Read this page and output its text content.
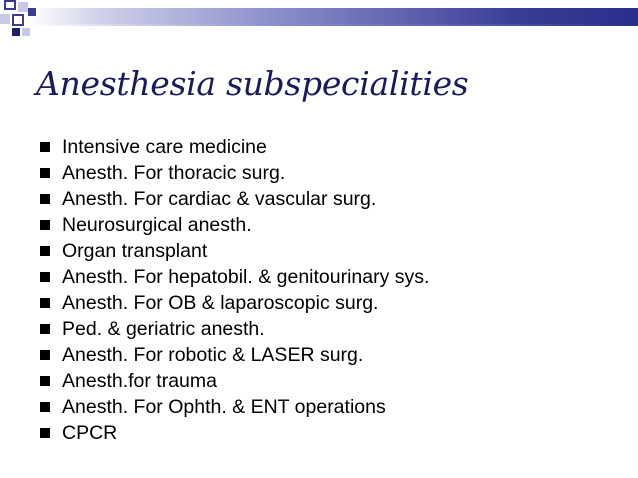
Anesthesia subspecialities
Intensive care medicine
Anesth. For thoracic surg.
Anesth. For cardiac & vascular surg.
Neurosurgical anesth.
Organ transplant
Anesth. For hepatobil. & genitourinary sys.
Anesth. For OB & laparoscopic surg.
Ped. & geriatric anesth.
Anesth. For robotic & LASER surg.
Anesth.for trauma
Anesth. For Ophth. & ENT operations
CPCR
